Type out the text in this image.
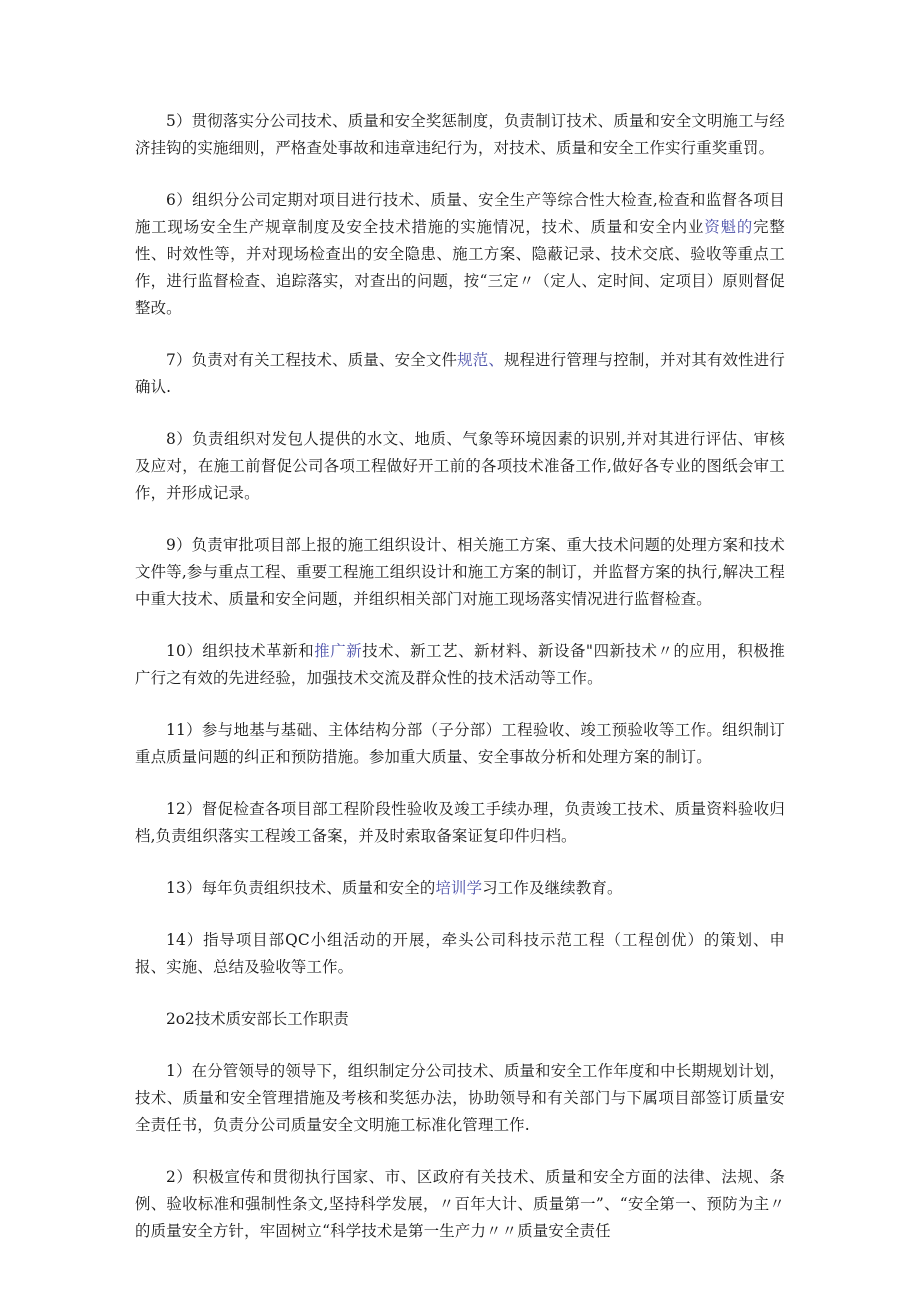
5）贯彻落实分公司技术、质量和安全奖惩制度，负责制订技术、质量和安全文明施工与经济挂钩的实施细则，严格查处事故和违章违纪行为，对技术、质量和安全工作实行重奖重罚。

6）组织分公司定期对项目进行技术、质量、安全生产等综合性大检查,检查和监督各项目施工现场安全生产规章制度及安全技术措施的实施情况，技术、质量和安全内业资魁的完整性、时效性等，并对现场检查出的安全隐患、施工方案、隐蔽记录、技术交底、验收等重点工作，进行监督检查、追踪落实，对查出的问题，按“三定〃（定人、定时间、定项目）原则督促整改。

7）负责对有关工程技术、质量、安全文件规范、规程进行管理与控制，并对其有效性进行确认.

8）负责组织对发包人提供的水文、地质、气象等环境因素的识别,并对其进行评估、审核及应对，在施工前督促公司各项工程做好开工前的各项技术准备工作,做好各专业的图纸会审工作，并形成记录。

9）负责审批项目部上报的施工组织设计、相关施工方案、重大技术问题的处理方案和技术文件等,参与重点工程、重要工程施工组织设计和施工方案的制订，并监督方案的执行,解决工程中重大技术、质量和安全问题，并组织相关部门对施工现场落实情况进行监督检查。

10）组织技术革新和推广新技术、新工艺、新材料、新设备"四新技术〃的应用，积极推广行之有效的先进经验，加强技术交流及群众性的技术活动等工作。

11）参与地基与基础、主体结构分部（子分部）工程验收、竣工预验收等工作。组织制订重点质量问题的纠正和预防措施。参加重大质量、安全事故分析和处理方案的制订。

12）督促检查各项目部工程阶段性验收及竣工手续办理，负责竣工技术、质量资料验收归档,负责组织落实工程竣工备案，并及时索取备案证复印件归档。

13）每年负责组织技术、质量和安全的培训学习工作及继续教育。

14）指导项目部QC小组活动的开展，牵头公司科技示范工程（工程创优）的策划、申报、实施、总结及验收等工作。

2o2技术质安部长工作职责

1）在分管领导的领导下，组织制定分公司技术、质量和安全工作年度和中长期规划计划，技术、质量和安全管理措施及考核和奖惩办法，协助领导和有关部门与下属项目部签订质量安全责任书，负责分公司质量安全文明施工标准化管理工作.

2）积极宣传和贯彻执行国家、市、区政府有关技术、质量和安全方面的法律、法规、条例、验收标准和强制性条文,坚持科学发展，〃百年大计、质量第一”、“安全第一、预防为主〃的质量安全方针，牢固树立“科学技术是第一生产力〃〃质量安全责任
